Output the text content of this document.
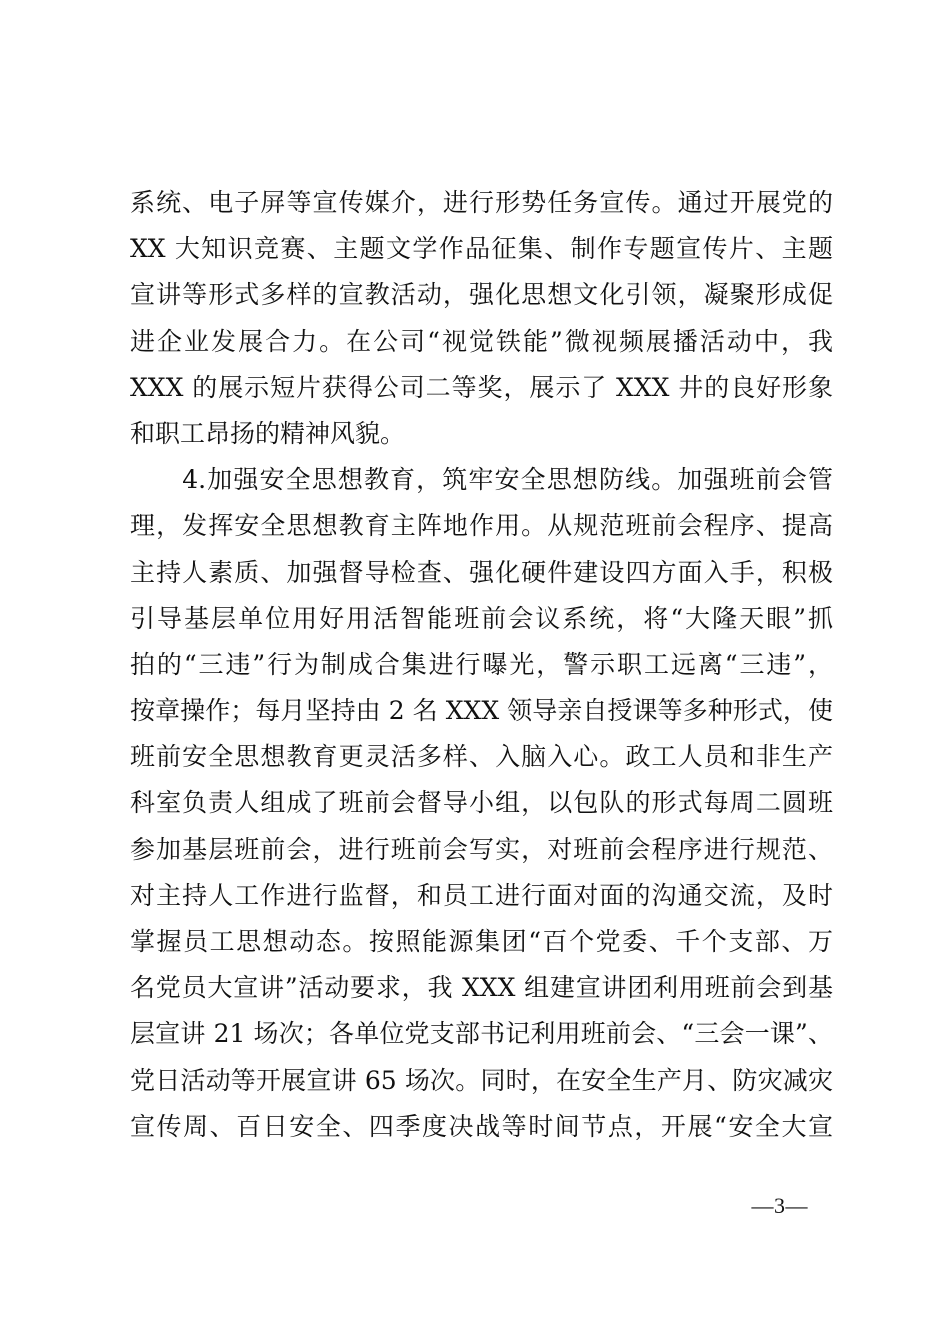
系统、电子屏等宣传媒介，进行形势任务宣传。通过开展党的
XX 大知识竞赛、主题文学作品征集、制作专题宣传片、主题
宣讲等形式多样的宣教活动，强化思想文化引领，凝聚形成促
进企业发展合力。在公司“视觉铁能”微视频展播活动中，我
XXX 的展示短片获得公司二等奖，展示了 XXX 井的良好形象
和职工昂扬的精神风貌。
　　4.加强安全思想教育，筑牢安全思想防线。加强班前会管
理，发挥安全思想教育主阵地作用。从规范班前会程序、提高
主持人素质、加强督导检查、强化硬件建设四方面入手，积极
引导基层单位用好用活智能班前会议系统，将“大隆天眼”抓
拍的“三违”行为制成合集进行曝光，警示职工远离“三违”，
按章操作；每月坚持由 2 名 XXX 领导亲自授课等多种形式，使
班前安全思想教育更灵活多样、入脑入心。政工人员和非生产
科室负责人组成了班前会督导小组，以包队的形式每周二圆班
参加基层班前会，进行班前会写实，对班前会程序进行规范、
对主持人工作进行监督，和员工进行面对面的沟通交流，及时
掌握员工思想动态。按照能源集团“百个党委、千个支部、万
名党员大宣讲”活动要求，我 XXX 组建宣讲团利用班前会到基
层宣讲 21 场次；各单位党支部书记利用班前会、“三会一课”、
党日活动等开展宣讲 65 场次。同时，在安全生产月、防灾减灾
宣传周、百日安全、四季度决战等时间节点，开展“安全大宣
—3—
